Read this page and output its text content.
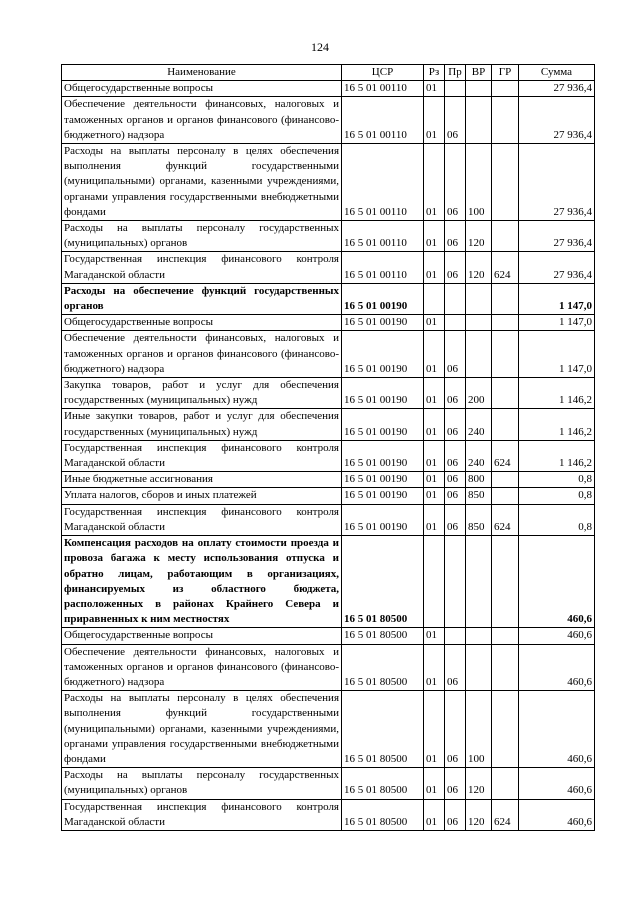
124
Наименование	ЦСР	Рз	Пр	ВР	ГР	Сумма
Общегосударственные вопросы	16 5 01 00110	01				27 936,4
Обеспечение деятельности финансовых, налоговых и таможенных органов и органов финансового (финансово-бюджетного) надзора	16 5 01 00110	01	06			27 936,4
Расходы на выплаты персоналу в целях обеспечения выполнения функций государственными (муниципальными) органами, казенными учреждениями, органами управления государственными внебюджетными фондами	16 5 01 00110	01	06	100		27 936,4
Расходы на выплаты персоналу государственных (муниципальных) органов	16 5 01 00110	01	06	120		27 936,4
Государственная инспекция финансового контроля Магаданской области	16 5 01 00110	01	06	120	624	27 936,4
Расходы на обеспечение функций государственных органов	16 5 01 00190					1 147,0
Общегосударственные вопросы	16 5 01 00190	01				1 147,0
Обеспечение деятельности финансовых, налоговых и таможенных органов и органов финансового (финансово-бюджетного) надзора	16 5 01 00190	01	06			1 147,0
Закупка товаров, работ и услуг для обеспечения государственных (муниципальных) нужд	16 5 01 00190	01	06	200		1 146,2
Иные закупки товаров, работ и услуг для обеспечения государственных (муниципальных) нужд	16 5 01 00190	01	06	240		1 146,2
Государственная инспекция финансового контроля Магаданской области	16 5 01 00190	01	06	240	624	1 146,2
Иные бюджетные ассигнования	16 5 01 00190	01	06	800		0,8
Уплата налогов, сборов и иных платежей	16 5 01 00190	01	06	850		0,8
Государственная инспекция финансового контроля Магаданской области	16 5 01 00190	01	06	850	624	0,8
Компенсация расходов на оплату стоимости проезда и провоза багажа к месту использования отпуска и обратно лицам, работающим в организациях, финансируемых из областного бюджета, расположенных в районах Крайнего Севера и приравненных к ним местностях	16 5 01 80500					460,6
Общегосударственные вопросы	16 5 01 80500	01				460,6
Обеспечение деятельности финансовых, налоговых и таможенных органов и органов финансового (финансово-бюджетного) надзора	16 5 01 80500	01	06			460,6
Расходы на выплаты персоналу в целях обеспечения выполнения функций государственными (муниципальными) органами, казенными учреждениями, органами управления государственными внебюджетными фондами	16 5 01 80500	01	06	100		460,6
Расходы на выплаты персоналу государственных (муниципальных) органов	16 5 01 80500	01	06	120		460,6
Государственная инспекция финансового контроля Магаданской области	16 5 01 80500	01	06	120	624	460,6
